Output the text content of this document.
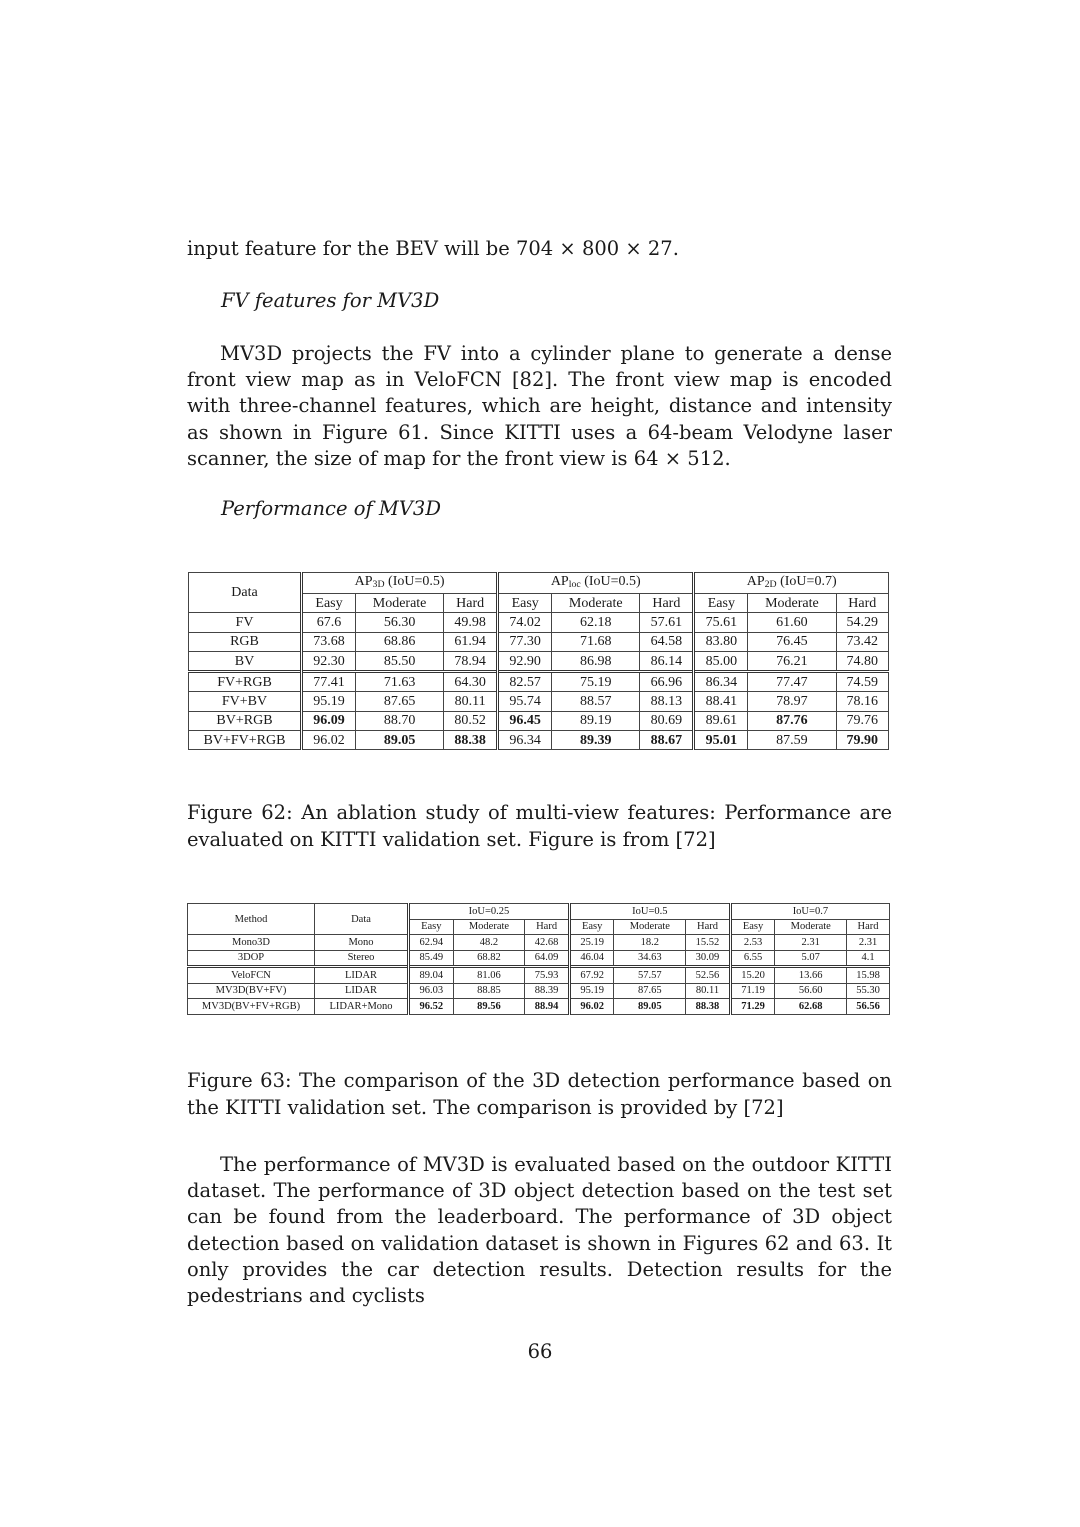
input feature for the BEV will be 704 × 800 × 27.
FV features for MV3D
MV3D projects the FV into a cylinder plane to generate a dense front view map as in VeloFCN [82]. The front view map is encoded with three-channel features, which are height, distance and intensity as shown in Figure 61. Since KITTI uses a 64-beam Velodyne laser scanner, the size of map for the front view is 64 × 512.
Performance of MV3D
Data	$AP_{3D}$ (IoU=0.5)			$AP_{loc}$ (IoU=0.5)			$AP_{2D}$ (IoU=0.7)		
	Easy	Moderate	Hard	Easy	Moderate	Hard	Easy	Moderate	Hard
FV	67.6	56.30	49.98	74.02	62.18	57.61	75.61	61.60	54.29
RGB	73.68	68.86	61.94	77.30	71.68	64.58	83.80	76.45	73.42
BV	92.30	85.50	78.94	92.90	86.98	86.14	85.00	76.21	74.80
FV+RGB	77.41	71.63	64.30	82.57	75.19	66.96	86.34	77.47	74.59
FV+BV	95.19	87.65	80.11	95.74	88.57	88.13	88.41	78.97	78.16
BV+RGB	96.09	88.70	80.52	96.45	89.19	80.69	89.61	87.76	79.76
BV+FV+RGB	96.02	89.05	88.38	96.34	89.39	88.67	95.01	87.59	79.90
Figure 62: An ablation study of multi-view features: Performance are evaluated on KITTI validation set. Figure is from [72]
Method	Data	IoU=0.25			IoU=0.5			IoU=0.7		
		Easy	Moderate	Hard	Easy	Moderate	Hard	Easy	Moderate	Hard
Mono3D	Mono	62.94	48.2	42.68	25.19	18.2	15.52	2.53	2.31	2.31
3DOP	Stereo	85.49	68.82	64.09	46.04	34.63	30.09	6.55	5.07	4.1
VeloFCN	LIDAR	89.04	81.06	75.93	67.92	57.57	52.56	15.20	13.66	15.98
MV3D(BV+FV)	LIDAR	96.03	88.85	88.39	95.19	87.65	80.11	71.19	56.60	55.30
MV3D(BV+FV+RGB)	LIDAR+Mono	96.52	89.56	88.94	96.02	89.05	88.38	71.29	62.68	56.56
Figure 63: The comparison of the 3D detection performance based on the KITTI validation set. The comparison is provided by [72]
The performance of MV3D is evaluated based on the outdoor KITTI dataset. The performance of 3D object detection based on the test set can be found from the leaderboard. The performance of 3D object detection based on validation dataset is shown in Figures 62 and 63. It only provides the car detection results. Detection results for the pedestrians and cyclists
66
